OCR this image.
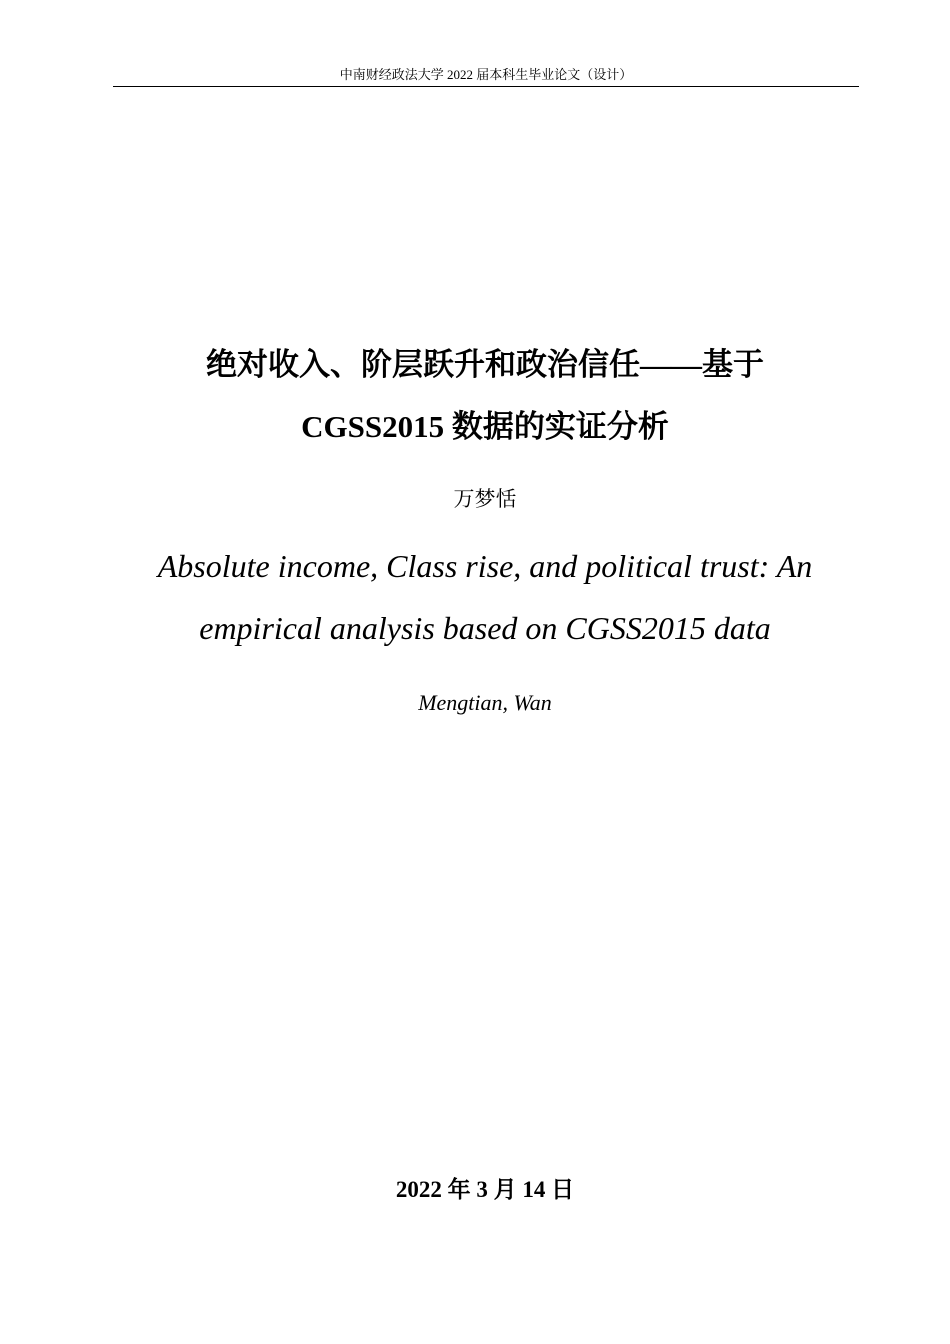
中南财经政法大学 2022 届本科生毕业论文（设计）
绝对收入、阶层跃升和政治信任——基于
CGSS2015 数据的实证分析
万梦恬
Absolute income, Class rise, and political trust: An
empirical analysis based on CGSS2015 data
Mengtian, Wan
2022 年 3 月 14 日
